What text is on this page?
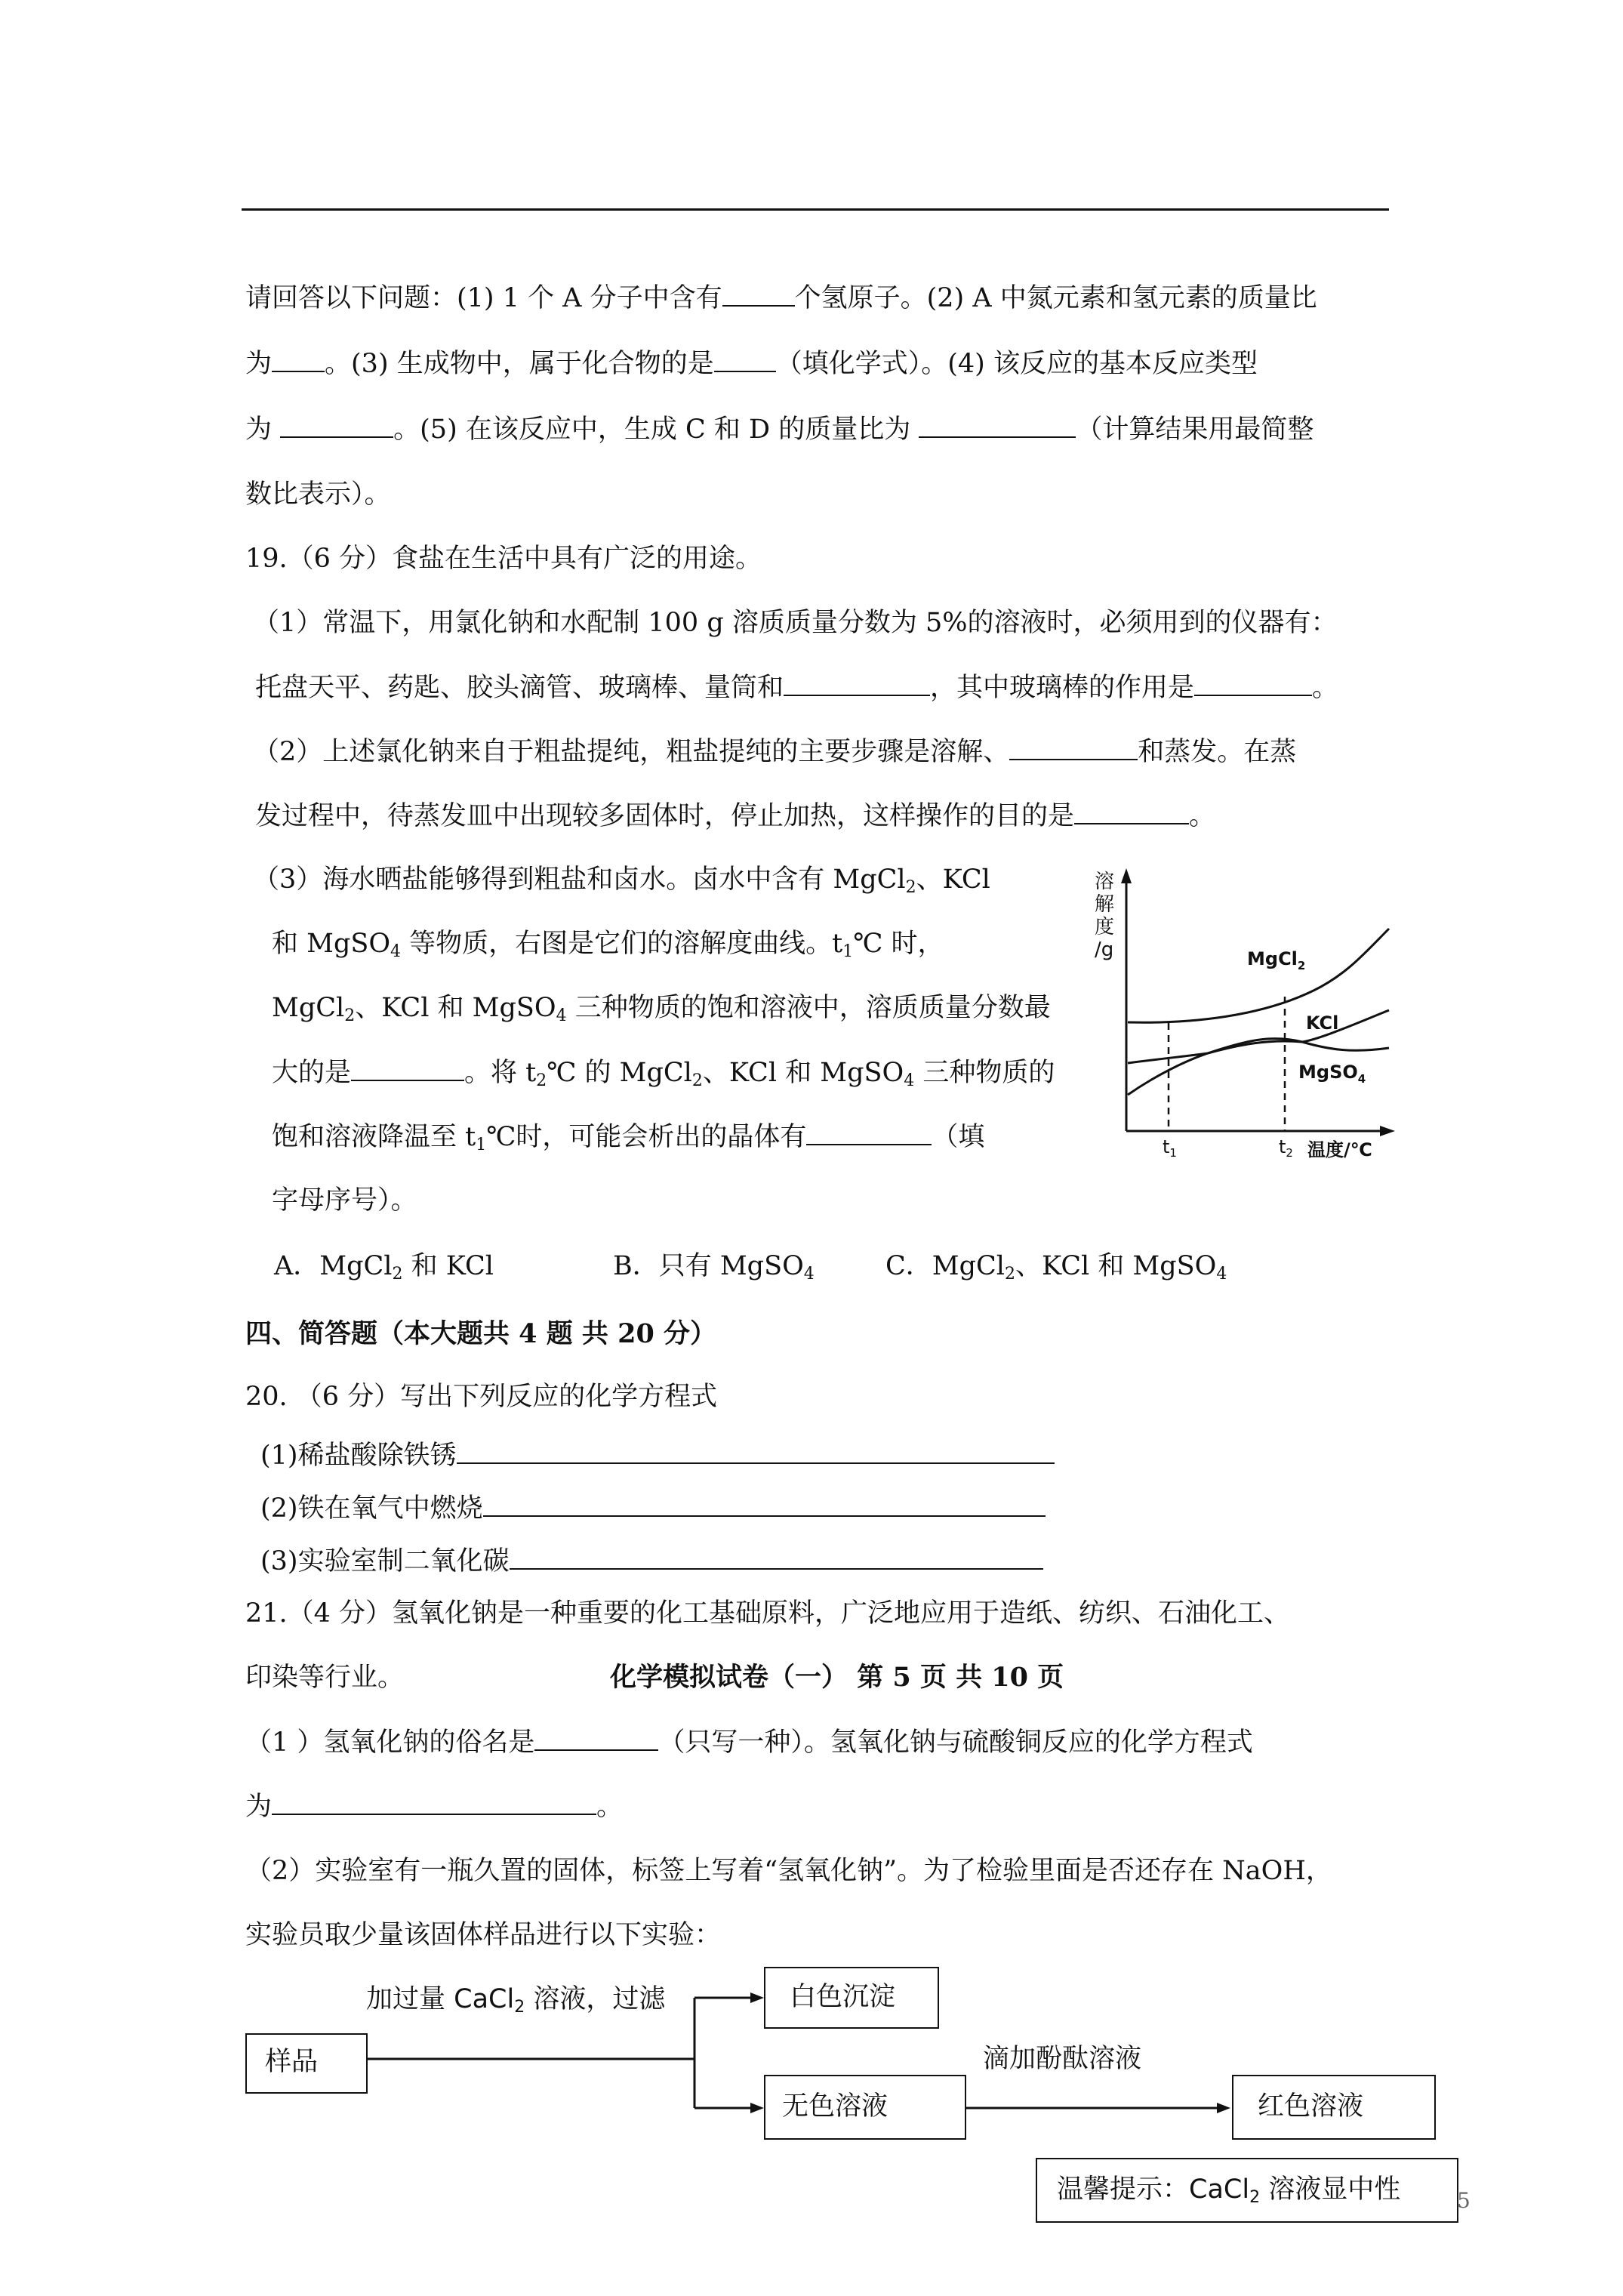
请回答以下问题：(1) 1 个 A 分子中含有	个氢原子。(2) A 中氮元素和氢元素的质量比
为 。(3) 生成物中，属于化合物的是 （填化学式）。(4) 该反应的基本反应类型
为	。(5) 在该反应中，生成 C 和 D 的质量比为	（计算结果用最简整
数比表示）。
19.（6 分）食盐在生活中具有广泛的用途。
（1）常温下，用氯化钠和水配制 100 g 溶质质量分数为 5%的溶液时，必须用到的仪器有：
托盘天平、药匙、胶头滴管、玻璃棒、量筒和	，其中玻璃棒的作用是	。
（2）上述氯化钠来自于粗盐提纯，粗盐提纯的主要步骤是溶解、	和蒸发。在蒸
发过程中，待蒸发皿中出现较多固体时，停止加热，这样操作的目的是	。
（3）海水晒盐能够得到粗盐和卤水。卤水中含有 MgCl$_2$、KCl
和 MgSO$_4$ 等物质，右图是它们的溶解度曲线。$t_1℃$ 时，
MgCl$_2$、KCl 和 MgSO$_4$ 三种物质的饱和溶液中，溶质质量分数最
大的是	。将 $t_2℃$ 的 MgCl$_2$、KCl 和 MgSO$_4$ 三种物质的
饱和溶液降温至 $t_1℃$时，可能会析出的晶体有	（填
字母序号）。
A．MgCl$_2$ 和 KCl	B．只有 MgSO$_4$	C．MgCl$_2$、KCl 和 MgSO$_4$
溶解度/g	MgCl$_2$
KCl
MgSO$_4$
$t_1$	$t_2$ 温度/℃
四、简答题（本大题共 4 题 共 20 分）
20. （6 分）写出下列反应的化学方程式
(1)稀盐酸除铁锈
(2)铁在氧气中燃烧
(3)实验室制二氧化碳
21.（4 分）氢氧化钠是一种重要的化工基础原料，广泛地应用于造纸、纺织、石油化工、
印染等行业。	化学模拟试卷（一） 第 5 页 共 10 页
（1 ）氢氧化钠的俗名是	（只写一种）。氢氧化钠与硫酸铜反应的化学方程式
为	。
（2）实验室有一瓶久置的固体，标签上写着“氢氧化钠”。为了检验里面是否还存在 NaOH，
实验员取少量该固体样品进行以下实验：
样品
加过量 CaCl$_2$ 溶液，过滤	白色沉淀
无色溶液
滴加酚酞溶液
红色溶液
温馨提示：CaCl$_2$ 溶液显中性	5
